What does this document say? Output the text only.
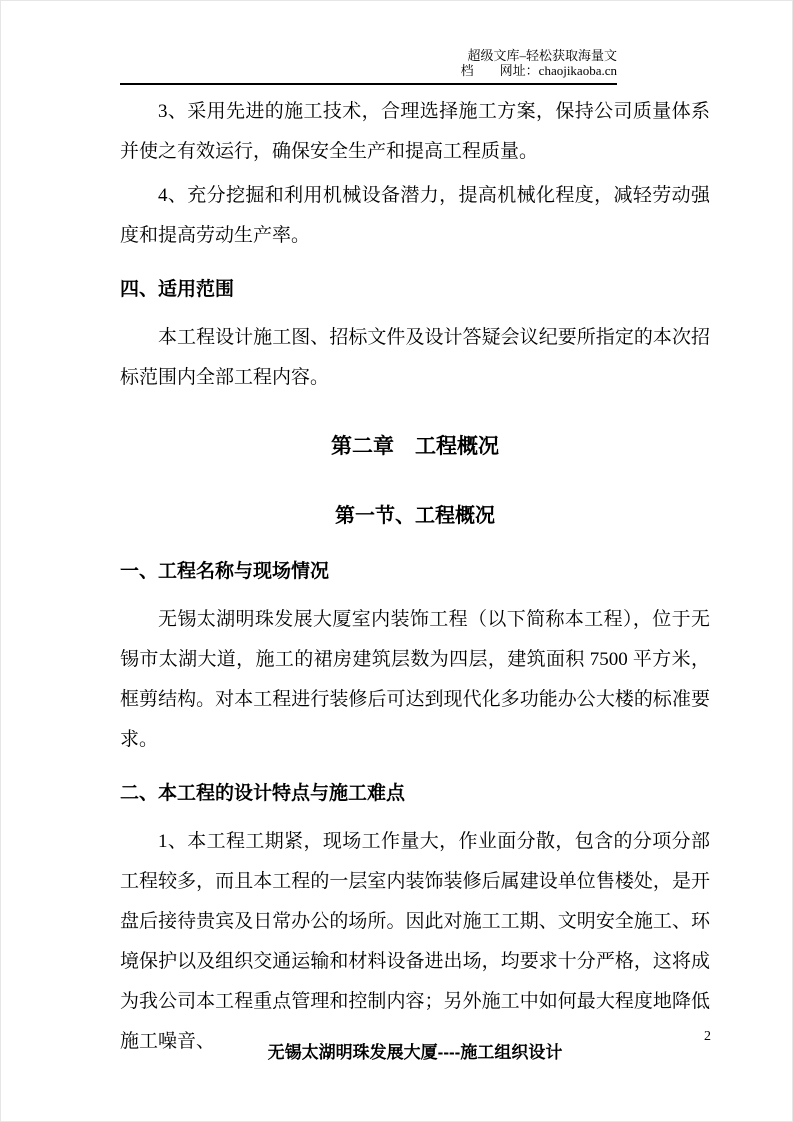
超级文库–轻松获取海量文
档　　网址：chaojikaoba.cn

3、采用先进的施工技术，合理选择施工方案，保持公司质量体系并使之有效运行，确保安全生产和提高工程质量。

4、充分挖掘和利用机械设备潜力，提高机械化程度，减轻劳动强度和提高劳动生产率。

四、适用范围

本工程设计施工图、招标文件及设计答疑会议纪要所指定的本次招标范围内全部工程内容。

第二章　工程概况
第一节、工程概况
一、工程名称与现场情况

无锡太湖明珠发展大厦室内装饰工程（以下简称本工程），位于无锡市太湖大道，施工的裙房建筑层数为四层，建筑面积 7500 平方米，框剪结构。对本工程进行装修后可达到现代化多功能办公大楼的标准要求。

二、本工程的设计特点与施工难点

1、本工程工期紧，现场工作量大，作业面分散，包含的分项分部工程较多，而且本工程的一层室内装饰装修后属建设单位售楼处，是开盘后接待贵宾及日常办公的场所。因此对施工工期、文明安全施工、环境保护以及组织交通运输和材料设备进出场，均要求十分严格，这将成为我公司本工程重点管理和控制内容；另外施工中如何最大程度地降低施工噪音、

无锡太湖明珠发展大厦----施工组织设计
2
